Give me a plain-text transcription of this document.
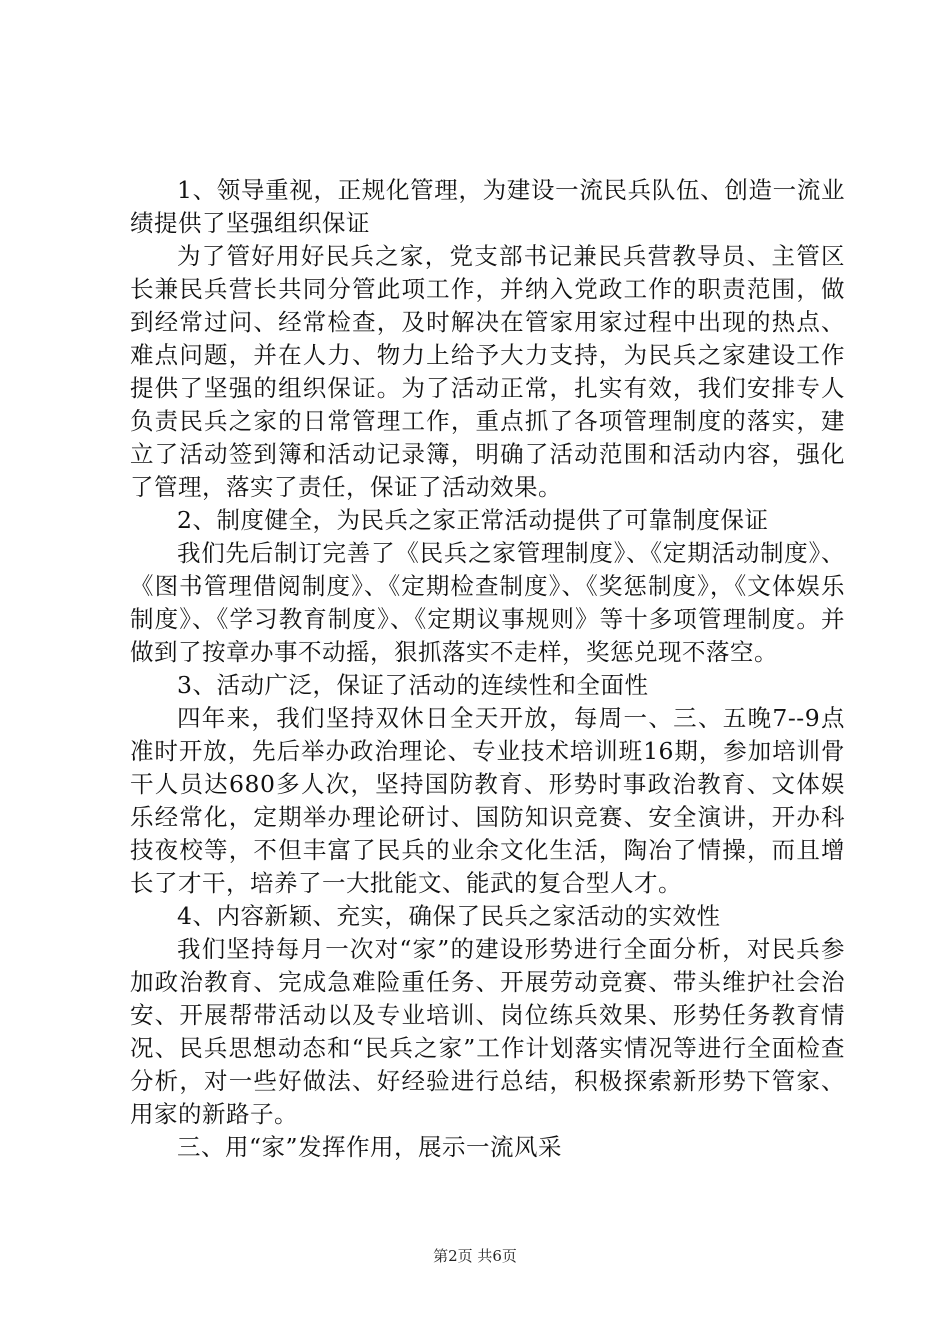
1、领导重视，正规化管理，为建设一流民兵队伍、创造一流业绩提供了坚强组织保证

为了管好用好民兵之家，党支部书记兼民兵营教导员、主管区长兼民兵营长共同分管此项工作，并纳入党政工作的职责范围，做到经常过问、经常检查，及时解决在管家用家过程中出现的热点、难点问题，并在人力、物力上给予大力支持，为民兵之家建设工作提供了坚强的组织保证。为了活动正常，扎实有效，我们安排专人负责民兵之家的日常管理工作，重点抓了各项管理制度的落实，建立了活动签到簿和活动记录簿，明确了活动范围和活动内容，强化了管理，落实了责任，保证了活动效果。

2、制度健全，为民兵之家正常活动提供了可靠制度保证

我们先后制订完善了《民兵之家管理制度》、《定期活动制度》、《图书管理借阅制度》、《定期检查制度》、《奖惩制度》，《文体娱乐制度》、《学习教育制度》、《定期议事规则》等十多项管理制度。并做到了按章办事不动摇，狠抓落实不走样，奖惩兑现不落空。

3、活动广泛，保证了活动的连续性和全面性

四年来，我们坚持双休日全天开放，每周一、三、五晚7--9点准时开放，先后举办政治理论、专业技术培训班16期，参加培训骨干人员达680多人次，坚持国防教育、形势时事政治教育、文体娱乐经常化，定期举办理论研讨、国防知识竞赛、安全演讲，开办科技夜校等，不但丰富了民兵的业余文化生活，陶冶了情操，而且增长了才干，培养了一大批能文、能武的复合型人才。

4、内容新颖、充实，确保了民兵之家活动的实效性

我们坚持每月一次对“家”的建设形势进行全面分析，对民兵参加政治教育、完成急难险重任务、开展劳动竞赛、带头维护社会治安、开展帮带活动以及专业培训、岗位练兵效果、形势任务教育情况、民兵思想动态和“民兵之家”工作计划落实情况等进行全面检查分析，对一些好做法、好经验进行总结，积极探索新形势下管家、用家的新路子。

三、用“家”发挥作用，展示一流风采

第2页 共6页
